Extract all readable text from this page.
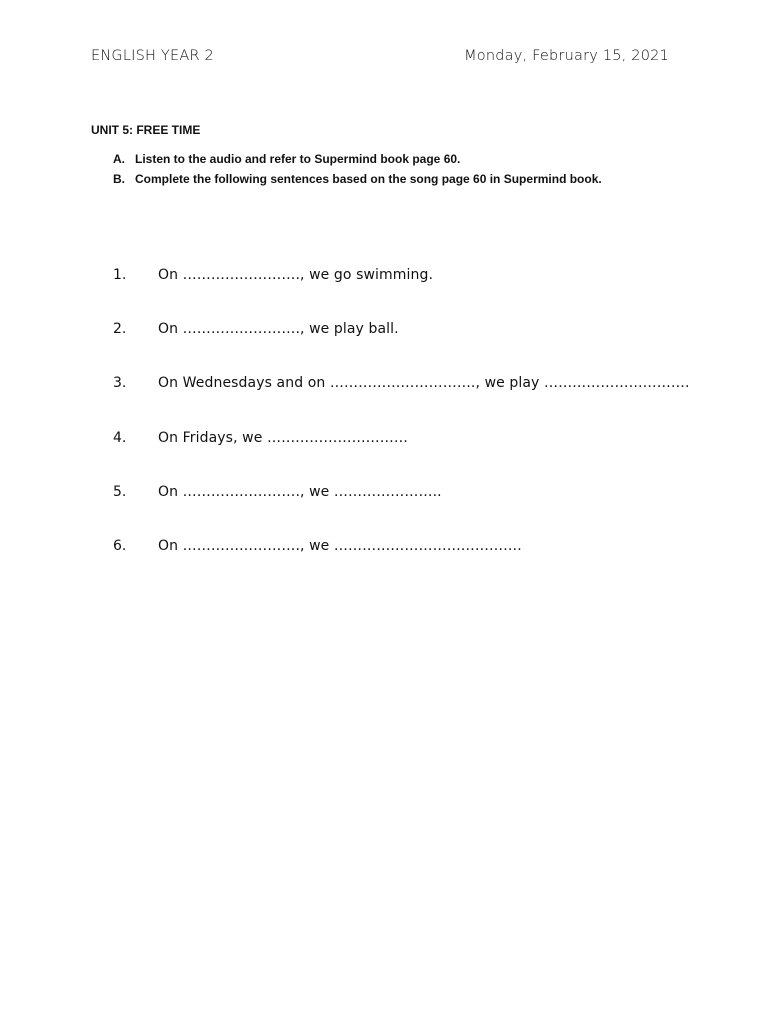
ENGLISH YEAR 2	Monday, February 15, 2021
UNIT 5: FREE TIME
A. Listen to the audio and refer to Supermind book page 60.
B. Complete the following sentences based on the song page 60 in Supermind book.
1.	On ……………………., we go swimming.
2.	On ……………………., we play ball.
3.	On Wednesdays and on …………………………., we play ………………………….
4.	On Fridays, we …………………………
5.	On ……………………., we …………………..
6.	On ……………………., we ………………………………….
